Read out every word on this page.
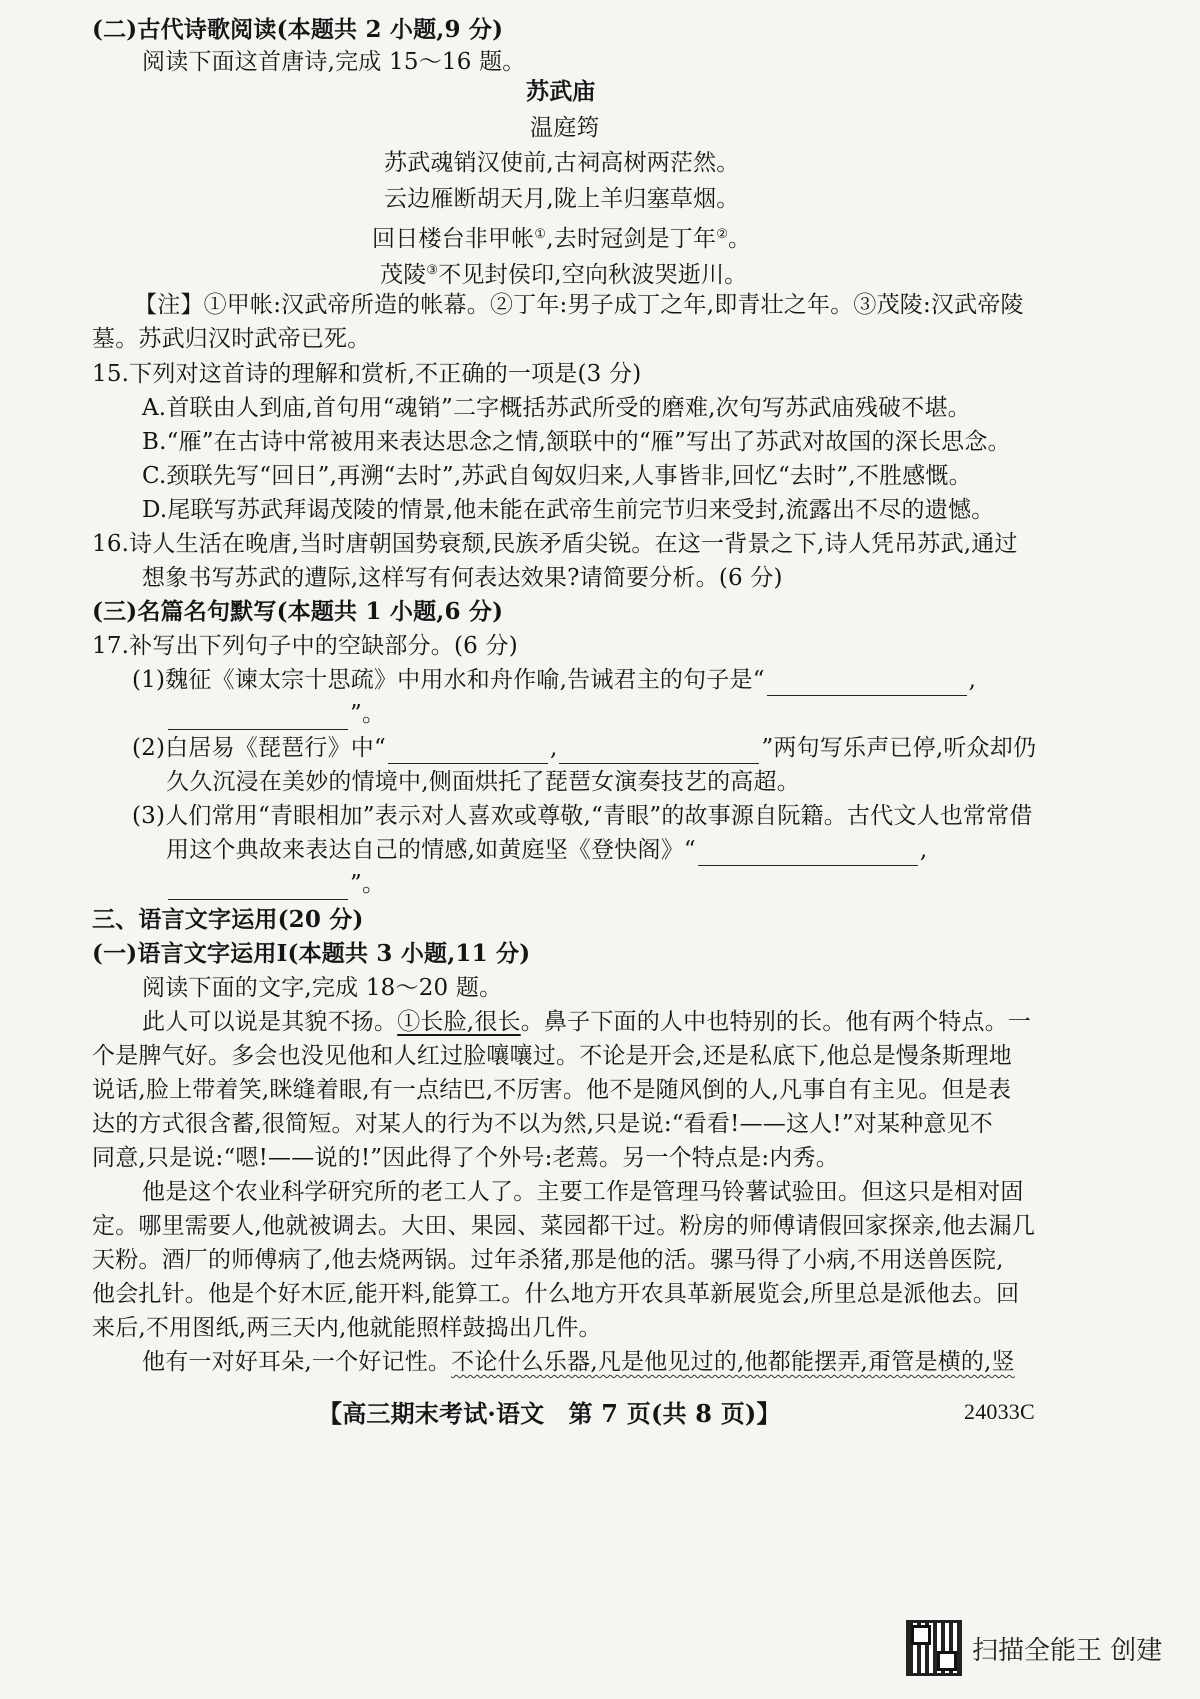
(二)古代诗歌阅读(本题共 2 小题,9 分)
阅读下面这首唐诗,完成 15～16 题。
苏武庙
温庭筠
苏武魂销汉使前,古祠高树两茫然。
云边雁断胡天月,陇上羊归塞草烟。
回日楼台非甲帐①,去时冠剑是丁年②。
茂陵③不见封侯印,空向秋波哭逝川。
【注】①甲帐:汉武帝所造的帐幕。②丁年:男子成丁之年,即青壮之年。③茂陵:汉武帝陵
墓。苏武归汉时武帝已死。
15.下列对这首诗的理解和赏析,不正确的一项是(3 分)
A.首联由人到庙,首句用“魂销”二字概括苏武所受的磨难,次句写苏武庙残破不堪。
B.“雁”在古诗中常被用来表达思念之情,颔联中的“雁”写出了苏武对故国的深长思念。
C.颈联先写“回日”,再溯“去时”,苏武自匈奴归来,人事皆非,回忆“去时”,不胜感慨。
D.尾联写苏武拜谒茂陵的情景,他未能在武帝生前完节归来受封,流露出不尽的遗憾。
16.诗人生活在晚唐,当时唐朝国势衰颓,民族矛盾尖锐。在这一背景之下,诗人凭吊苏武,通过
想象书写苏武的遭际,这样写有何表达效果?请简要分析。(6 分)
(三)名篇名句默写(本题共 1 小题,6 分)
17.补写出下列句子中的空缺部分。(6 分)
(1)魏征《谏太宗十思疏》中用水和舟作喻,告诫君主的句子是“	,
”。
(2)白居易《琵琶行》中“	,	”两句写乐声已停,听众却仍
久久沉浸在美妙的情境中,侧面烘托了琵琶女演奏技艺的高超。
(3)人们常用“青眼相加”表示对人喜欢或尊敬,“青眼”的故事源自阮籍。古代文人也常常借
用这个典故来表达自己的情感,如黄庭坚《登快阁》“	,
”。
三、语言文字运用(20 分)
(一)语言文字运用Ⅰ(本题共 3 小题,11 分)
阅读下面的文字,完成 18～20 题。
此人可以说是其貌不扬。①长脸,很长。鼻子下面的人中也特别的长。他有两个特点。一
个是脾气好。多会也没见他和人红过脸嚷嚷过。不论是开会,还是私底下,他总是慢条斯理地
说话,脸上带着笑,眯缝着眼,有一点结巴,不厉害。他不是随风倒的人,凡事自有主见。但是表
达的方式很含蓄,很简短。对某人的行为不以为然,只是说:“看看!——这人!”对某种意见不
同意,只是说:“嗯!——说的!”因此得了个外号:老蔫。另一个特点是:内秀。
他是这个农业科学研究所的老工人了。主要工作是管理马铃薯试验田。但这只是相对固
定。哪里需要人,他就被调去。大田、果园、菜园都干过。粉房的师傅请假回家探亲,他去漏几
天粉。酒厂的师傅病了,他去烧两锅。过年杀猪,那是他的活。骡马得了小病,不用送兽医院,
他会扎针。他是个好木匠,能开料,能算工。什么地方开农具革新展览会,所里总是派他去。回
来后,不用图纸,两三天内,他就能照样鼓捣出几件。
他有一对好耳朵,一个好记性。不论什么乐器,凡是他见过的,他都能摆弄,甭管是横的,竖
【高三期末考试·语文　第 7 页(共 8 页)】	24033C
扫描全能王 创建
